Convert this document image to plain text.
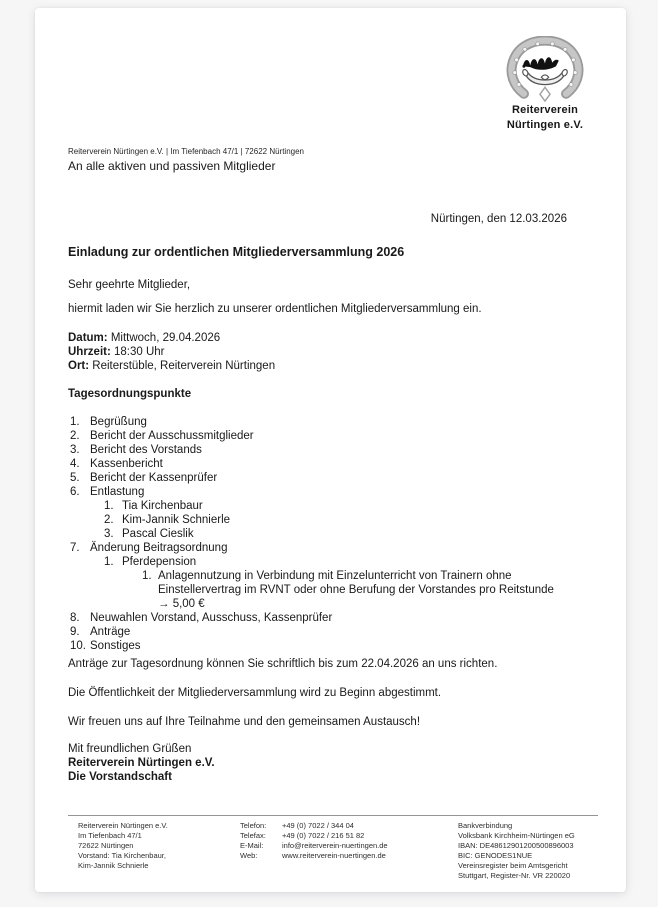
Reiterverein
Nürtingen e.V.
Reiterverein Nürtingen e.V. | Im Tiefenbach 47/1 | 72622 Nürtingen
An alle aktiven und passiven Mitglieder
Nürtingen, den 12.03.2026
Einladung zur ordentlichen Mitgliederversammlung 2026
Sehr geehrte Mitglieder,
hiermit laden wir Sie herzlich zu unserer ordentlichen Mitgliederversammlung ein.
Datum: Mittwoch, 29.04.2026
Uhrzeit: 18:30 Uhr
Ort: Reiterstüble, Reiterverein Nürtingen
Tagesordnungspunkte
1. Begrüßung
2. Bericht der Ausschussmitglieder
3. Bericht des Vorstands
4. Kassenbericht
5. Bericht der Kassenprüfer
6. Entlastung
1. Tia Kirchenbaur
2. Kim-Jannik Schnierle
3. Pascal Cieslik
7. Änderung Beitragsordnung
1. Pferdepension
1. Anlagennutzung in Verbindung mit Einzelunterricht von Trainern ohne Einstellervertrag im RVNT oder ohne Berufung der Vorstandes pro Reitstunde → 5,00 €
8. Neuwahlen Vorstand, Ausschuss, Kassenprüfer
9. Anträge
10. Sonstiges
Anträge zur Tagesordnung können Sie schriftlich bis zum 22.04.2026 an uns richten.
Die Öffentlichkeit der Mitgliederversammlung wird zu Beginn abgestimmt.
Wir freuen uns auf Ihre Teilnahme und den gemeinsamen Austausch!
Mit freundlichen Grüßen
Reiterverein Nürtingen e.V.
Die Vorstandschaft
Reiterverein Nürtingen e.V.
Im Tiefenbach 47/1
72622 Nürtingen
Vorstand: Tia Kirchenbaur,
Kim-Jannik Schnierle
Telefon: +49 (0) 7022 / 344 04
Telefax: +49 (0) 7022 / 216 51 82
E-Mail: info@reiterverein-nuertingen.de
Web:	www.reiterverein-nuertingen.de
Bankverbindung
Volksbank Kirchheim-Nürtingen eG
IBAN: DE48612901200500896003
BIC: GENODES1NUE
Vereinsregister beim Amtsgericht
Stuttgart, Register-Nr. VR 220020
